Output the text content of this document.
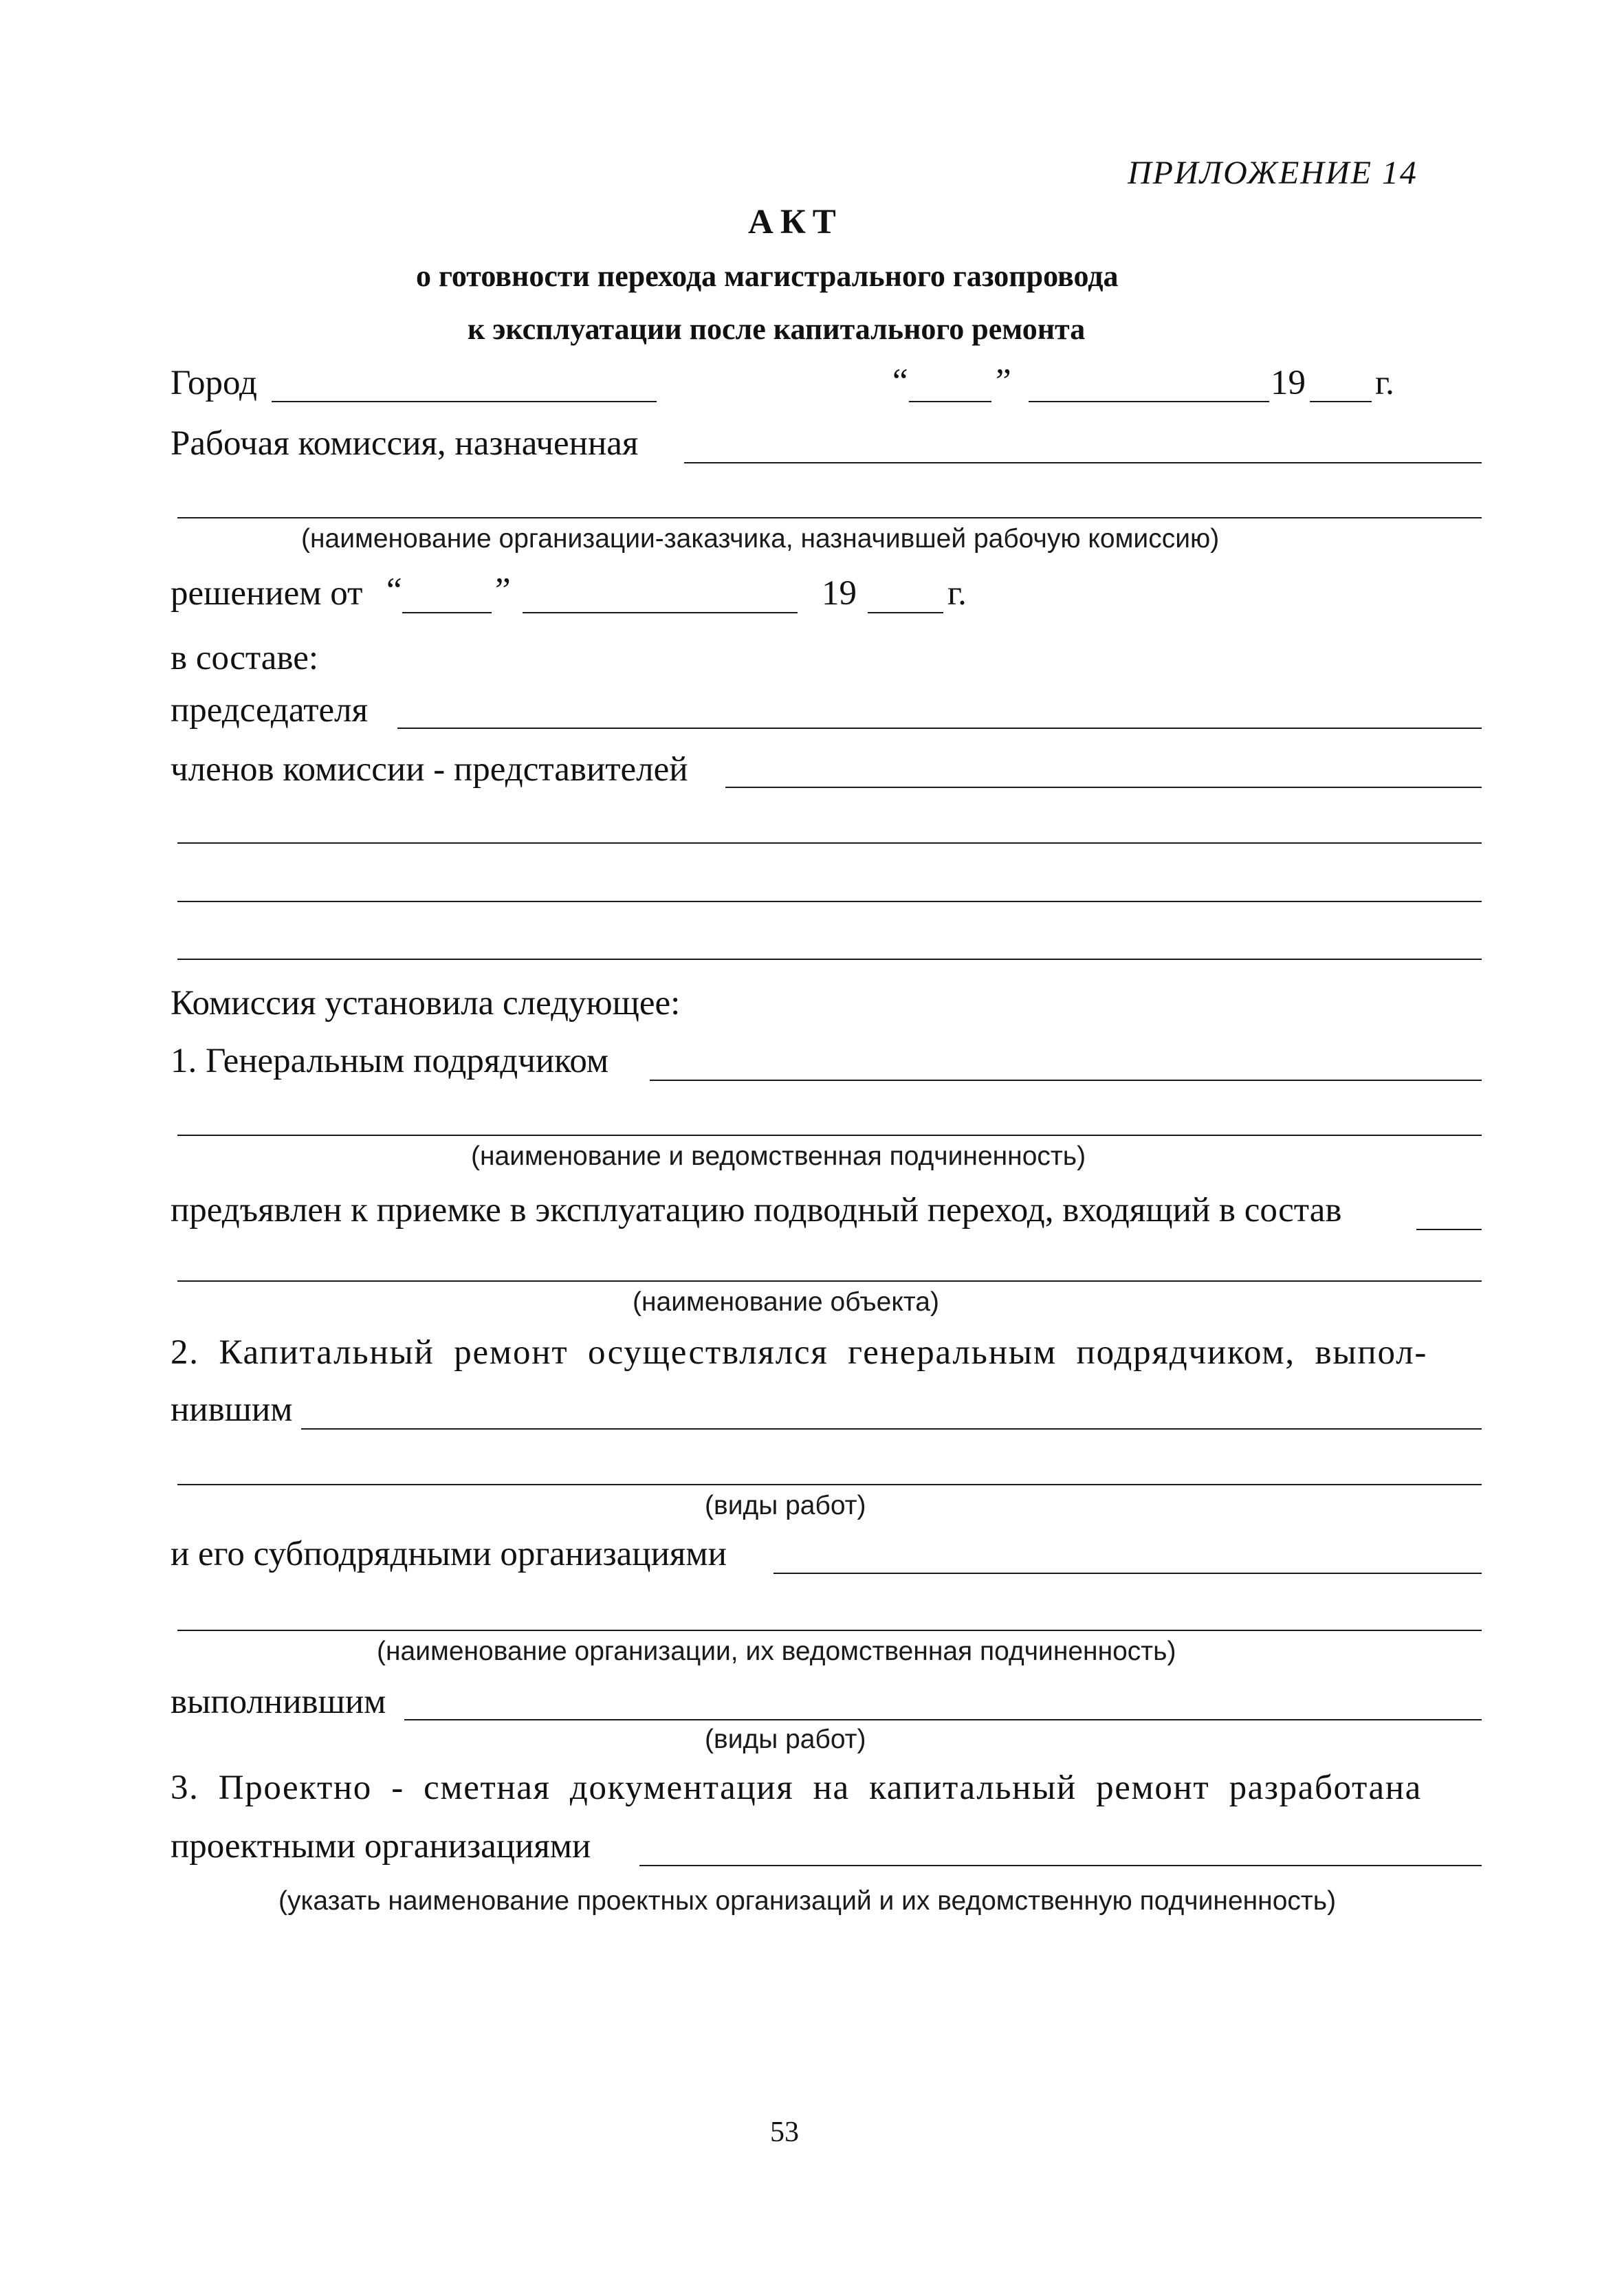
ПРИЛОЖЕНИЕ 14
АКТ
о готовности перехода магистрального газопровода
к эксплуатации после капитального ремонта
Город	“ ”	19 г.
Рабочая комиссия, назначенная
(наименование организации-заказчика, назначившей рабочую комиссию)
решением от “	”	19	г.
в составе:
председателя
членов комиссии - представителей
Комиссия установила следующее:
1. Генеральным подрядчиком
(наименование и ведомственная подчиненность)
предъявлен к приемке в эксплуатацию подводный переход, входящий в состав
(наименование объекта)
2. Капитальный ремонт осуществлялся генеральным подрядчиком, выпол-
нившим
(виды работ)
и его субподрядными организациями
(наименование организации, их ведомственная подчиненность)
выполнившим
(виды работ)
3. Проектно - сметная документация на капитальный ремонт разработана
проектными организациями
(указать наименование проектных организаций и их ведомственную подчиненность)
53
